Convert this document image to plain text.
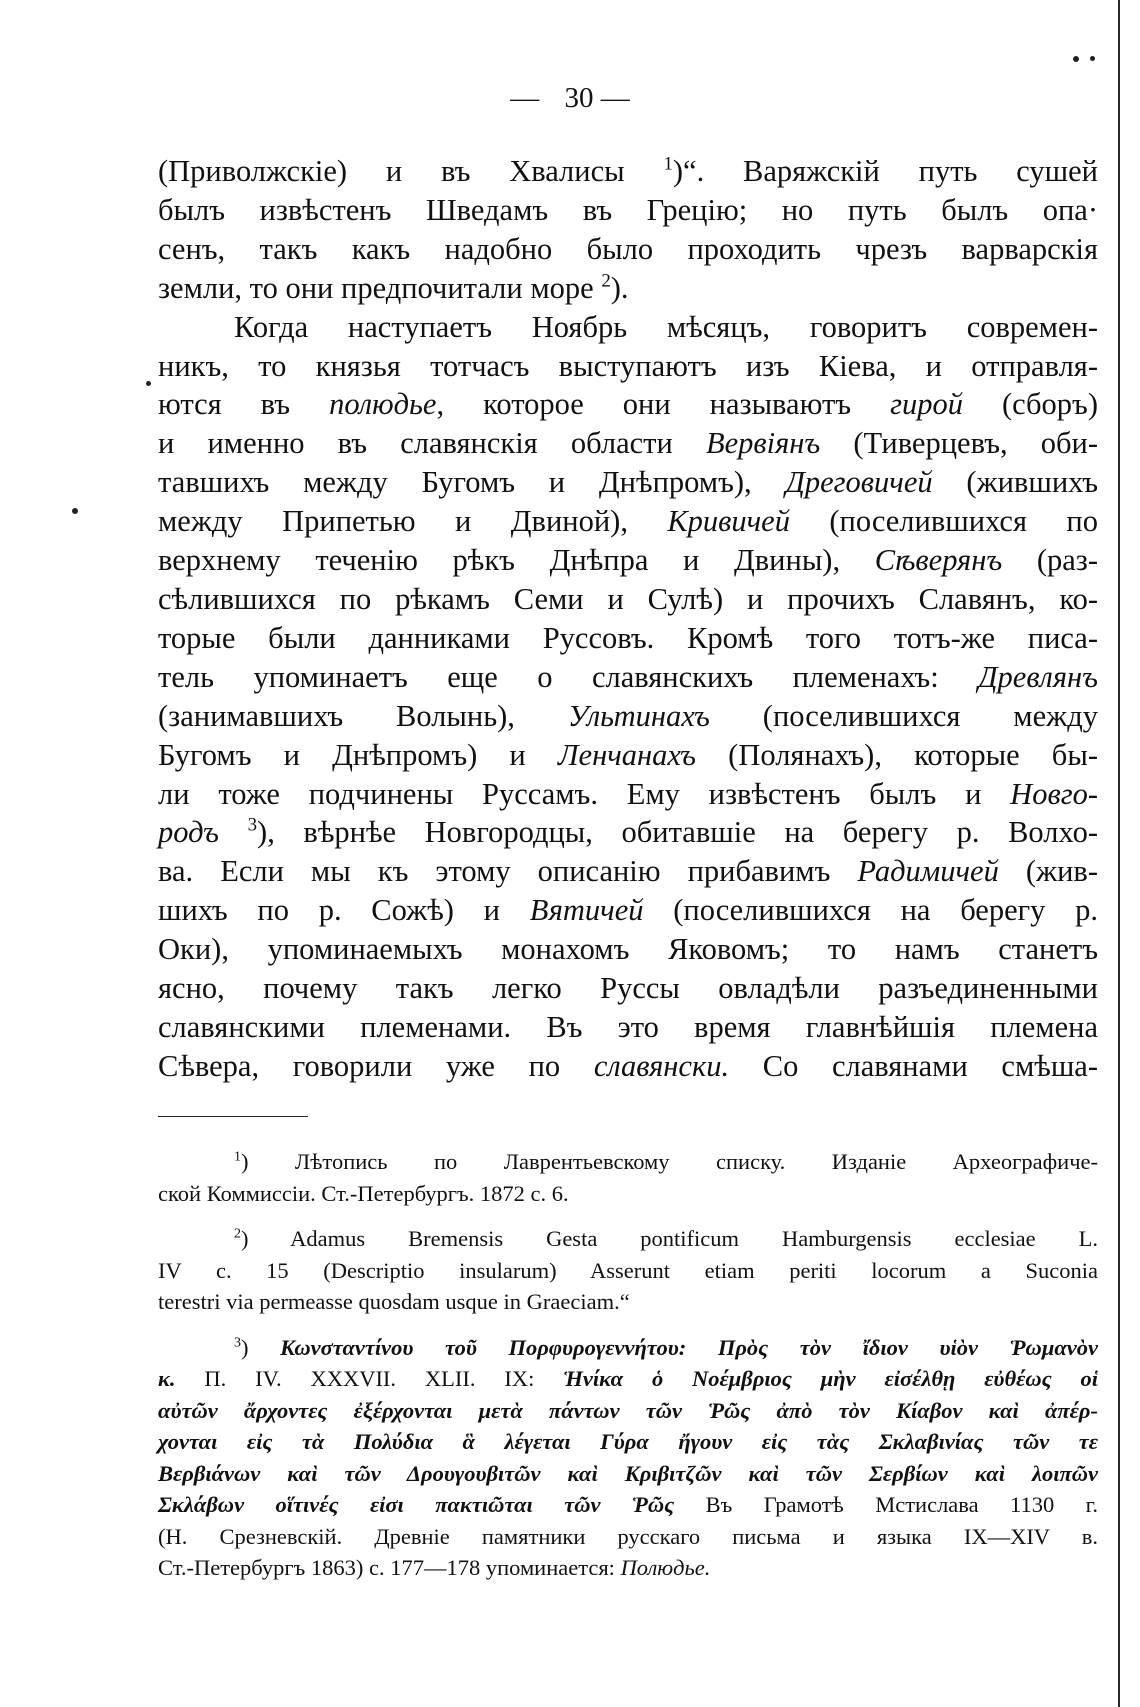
— 30 —
(Приволжскіе) и въ Хвалисы $^1$)“. Варяжскій путь сушей
былъ извѣстенъ Шведамъ въ Грецію; но путь былъ опа·
сенъ, такъ какъ надобно было проходить чрезъ варварскія
земли, то они предпочитали море $^2$).
Когда наступаетъ Ноябрь мѣсяцъ, говоритъ современ-
никъ, то князья тотчасъ выступаютъ изъ Кіева, и отправля-
ются въ полюдье, которое они называютъ гирой (сборъ)
и именно въ славянскія области Вервіянъ (Тиверцевъ, оби-
тавшихъ между Бугомъ и Днѣпромъ), Дреговичей (жившихъ
между Припетью и Двиной), Кривичей (поселившихся по
верхнему теченію рѣкъ Днѣпра и Двины), Сѣверянъ (раз-
сѣлившихся по рѣкамъ Семи и Сулѣ) и прочихъ Славянъ, ко-
торые были данниками Руссовъ. Кромѣ того тотъ-же писа-
тель упоминаетъ еще о славянскихъ племенахъ: Древлянъ
(занимавшихъ Волынь), Ультинахъ (поселившихся между
Бугомъ и Днѣпромъ) и Ленчанахъ (Полянахъ), которые бы-
ли тоже подчинены Руссамъ. Ему извѣстенъ былъ и Новго-
родъ $^3$), вѣрнѣе Новгородцы, обитавшіе на берегу р. Волхо-
ва. Если мы къ этому описанію прибавимъ Радимичей (жив-
шихъ по р. Сожѣ) и Вятичей (поселившихся на берегу р.
Оки), упоминаемыхъ монахомъ Яковомъ; то намъ станетъ
ясно, почему такъ легко Руссы овладѣли разъединенными
славянскими племенами. Въ это время главнѣйшія племена
Сѣвера, говорили уже по славянски. Со славянами смѣша-
$^1$) Лѣтопись по Лаврентьевскому списку. Изданіе Археографиче-
ской Коммиссіи. Ст.-Петербургъ. 1872 с. 6.
$^2$) Adamus Bremensis Gesta pontificum Hamburgensis ecclesiae L.
IV c. 15 (Descriptio insularum) Asserunt etiam periti locorum a Suconia
terestri via permeasse quosdam usque in Graeciam.“
$^3$) Κωνσταντίνου τοῦ Πορφυρογεννήτου: Πρὸς τὸν ἴδιον υἱὸν Ῥωμανὸν
κ. П. IV. XXXVII. XLII. IX: Ἡνίκα ὁ Νοέμβριος μὴν εἰσέλθῃ εὐθέως οἱ
αὐτῶν ἄρχοντες ἐξέρχονται μετὰ πάντων τῶν Ῥῶς ἀπὸ τὸν Κίαβον καὶ ἀπέρ-
χονται εἰς τὰ Πολύδια ἃ λέγεται Γύρα ἤγουν εἰς τὰς Σκλαβινίας τῶν τε
Βερβιάνων καὶ τῶν Δρουγουβιτῶν καὶ Κριβιτζῶν καὶ τῶν Σερβίων καὶ λοιπῶν
Σκλάβων οἵτινές εἰσι πακτιῶται τῶν Ῥῶς Въ Грамотѣ Мстислава 1130 г.
(Н. Срезневскій. Древніе памятники русскаго письма и языка IX—XIV в.
Ст.-Петербургъ 1863) с. 177—178 упоминается: Полюдье.
